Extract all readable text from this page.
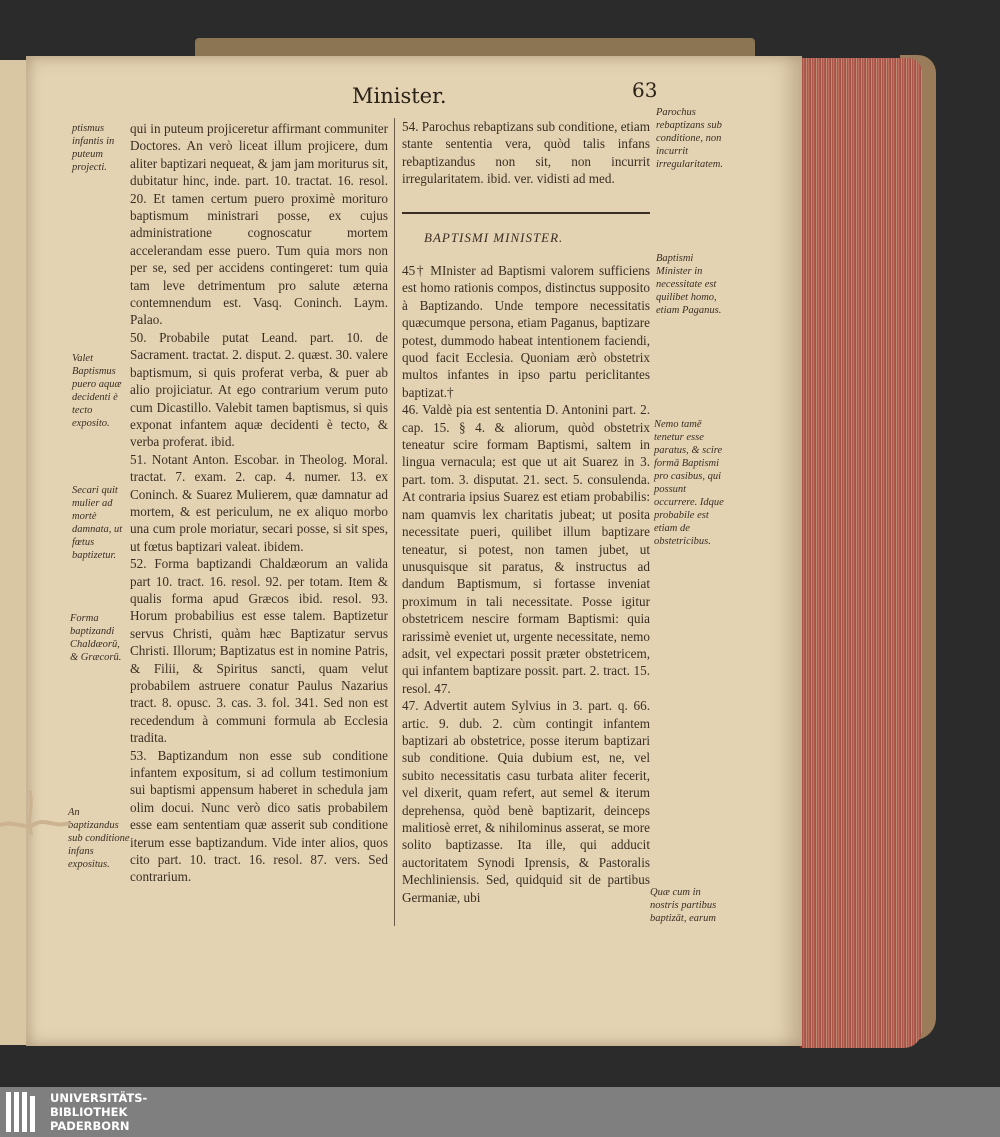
Minister.	63
ptismus infantis in puteum projecti.
Valet Baptismus puero aquæ decidenti è tecto exposito.
Secari quit mulier ad mortè damnata, ut fœtus baptizetur.
Forma baptizandi Chaldæorū, & Græcorū.
An baptizandus sub conditione infans expositus.

qui in puteum projiceretur affirmant communiter Doctores. An verò liceat illum projicere, dum aliter baptizari nequeat, & jam jam moriturus sit, dubitatur hinc, inde. part. 10. tractat. 16. resol. 20. Et tamen certum puero proximè morituro baptismum ministrari posse, ex cujus administratione cognoscatur mortem accelerandam esse puero. Tum quia mors non per se, sed per accidens contingeret: tum quia tam leve detrimentum pro salute æterna contemnendum est. Vasq. Coninch. Laym. Palao.
50. Probabile putat Leand. part. 10. de Sacrament. tractat. 2. disput. 2. quæst. 30. valere baptismum, si quis proferat verba, & puer ab alio projiciatur. At ego contrarium verum puto cum Dicastillo. Valebit tamen baptismus, si quis exponat infantem aquæ decidenti è tecto, & verba proferat. ibid.
51. Notant Anton. Escobar. in Theolog. Moral. tractat. 7. exam. 2. cap. 4. numer. 13. ex Coninch. & Suarez Mulierem, quæ damnatur ad mortem, & est periculum, ne ex aliquo morbo una cum prole moriatur, secari posse, si sit spes, ut fœtus baptizari valeat. ibidem.
52. Forma baptizandi Chaldæorum an valida part 10. tract. 16. resol. 92. per totam. Item & qualis forma apud Græcos ibid. resol. 93. Horum probabilius est esse talem. Baptizetur servus Christi, quàm hæc Baptizatur servus Christi. Illorum; Baptizatus est in nomine Patris, & Filii, & Spiritus sancti, quam velut probabilem astruere conatur Paulus Nazarius tract. 8. opusc. 3. cas. 3. fol. 341. Sed non est recedendum à communi formula ab Ecclesia tradita.
53. Baptizandum non esse sub conditione infantem expositum, si ad collum testimonium sui baptismi appensum haberet in schedula jam olim docui. Nunc verò dico satis probabilem esse eam sententiam quæ asserit sub conditione iterum esse baptizandum. Vide inter alios, quos cito part. 10. tract. 16. resol. 87. vers. Sed contrarium.

54. Parochus rebaptizans sub conditione, etiam stante sententia vera, quòd talis infans rebaptizandus non sit, non incurrit irregularitatem. ibid. ver. vidisti ad med.

BAPTISMI MINISTER.

45† MInister ad Baptismi valorem sufficiens est homo rationis compos, distinctus supposito à Baptizando. Unde tempore necessitatis quæcumque persona, etiam Paganus, baptizare potest, dummodo habeat intentionem faciendi, quod facit Ecclesia. Quoniam ærò obstetrix multos infantes in ipso partu periclitantes baptizat.†
46. Valdè pia est sententia D. Antonini part. 2. cap. 15. § 4. & aliorum, quòd obstetrix teneatur scire formam Baptismi, saltem in lingua vernacula; est que ut ait Suarez in 3. part. tom. 3. disputat. 21. sect. 5. consulenda. At contraria ipsius Suarez est etiam probabilis: nam quamvis lex charitatis jubeat; ut posita necessitate pueri, quilibet illum baptizare teneatur, si potest, non tamen jubet, ut unusquisque sit paratus, & instructus ad dandum Baptismum, si fortasse inveniat proximum in tali necessitate. Posse igitur obstetricem nescire formam Baptismi: quia rarissimè eveniet ut, urgente necessitate, nemo adsit, vel expectari possit præter obstetricem, qui infantem baptizare possit. part. 2. tract. 15. resol. 47.
47. Advertit autem Sylvius in 3. part. q. 66. artic. 9. dub. 2. cùm contingit infantem baptizari ab obstetrice, posse iterum baptizari sub conditione. Quia dubium est, ne, vel subito necessitatis casu turbata aliter fecerit, vel dixerit, quam refert, aut semel & iterum deprehensa, quòd benè baptizarit, deinceps malitiosè erret, & nihilominus asserat, se more solito baptizasse. Ita ille, qui adducit auctoritatem Synodi Iprensis, & Pastoralis Mechliniensis. Sed, quidquid sit de partibus Germaniæ, ubi

Parochus rebaptizans sub conditione, non incurrit irregularitatem.
Baptismi Minister in necessitate est quilibet homo, etiam Paganus.
Nemo tamē tenetur esse paratus, & scire formā Baptismi pro casibus, qui possunt occurrere. Idque probabile est etiam de obstetricibus.
Quæ cum in nostris partibus baptizāt, earum
UNIVERSITÄTS-
BIBLIOTHEK
PADERBORN
